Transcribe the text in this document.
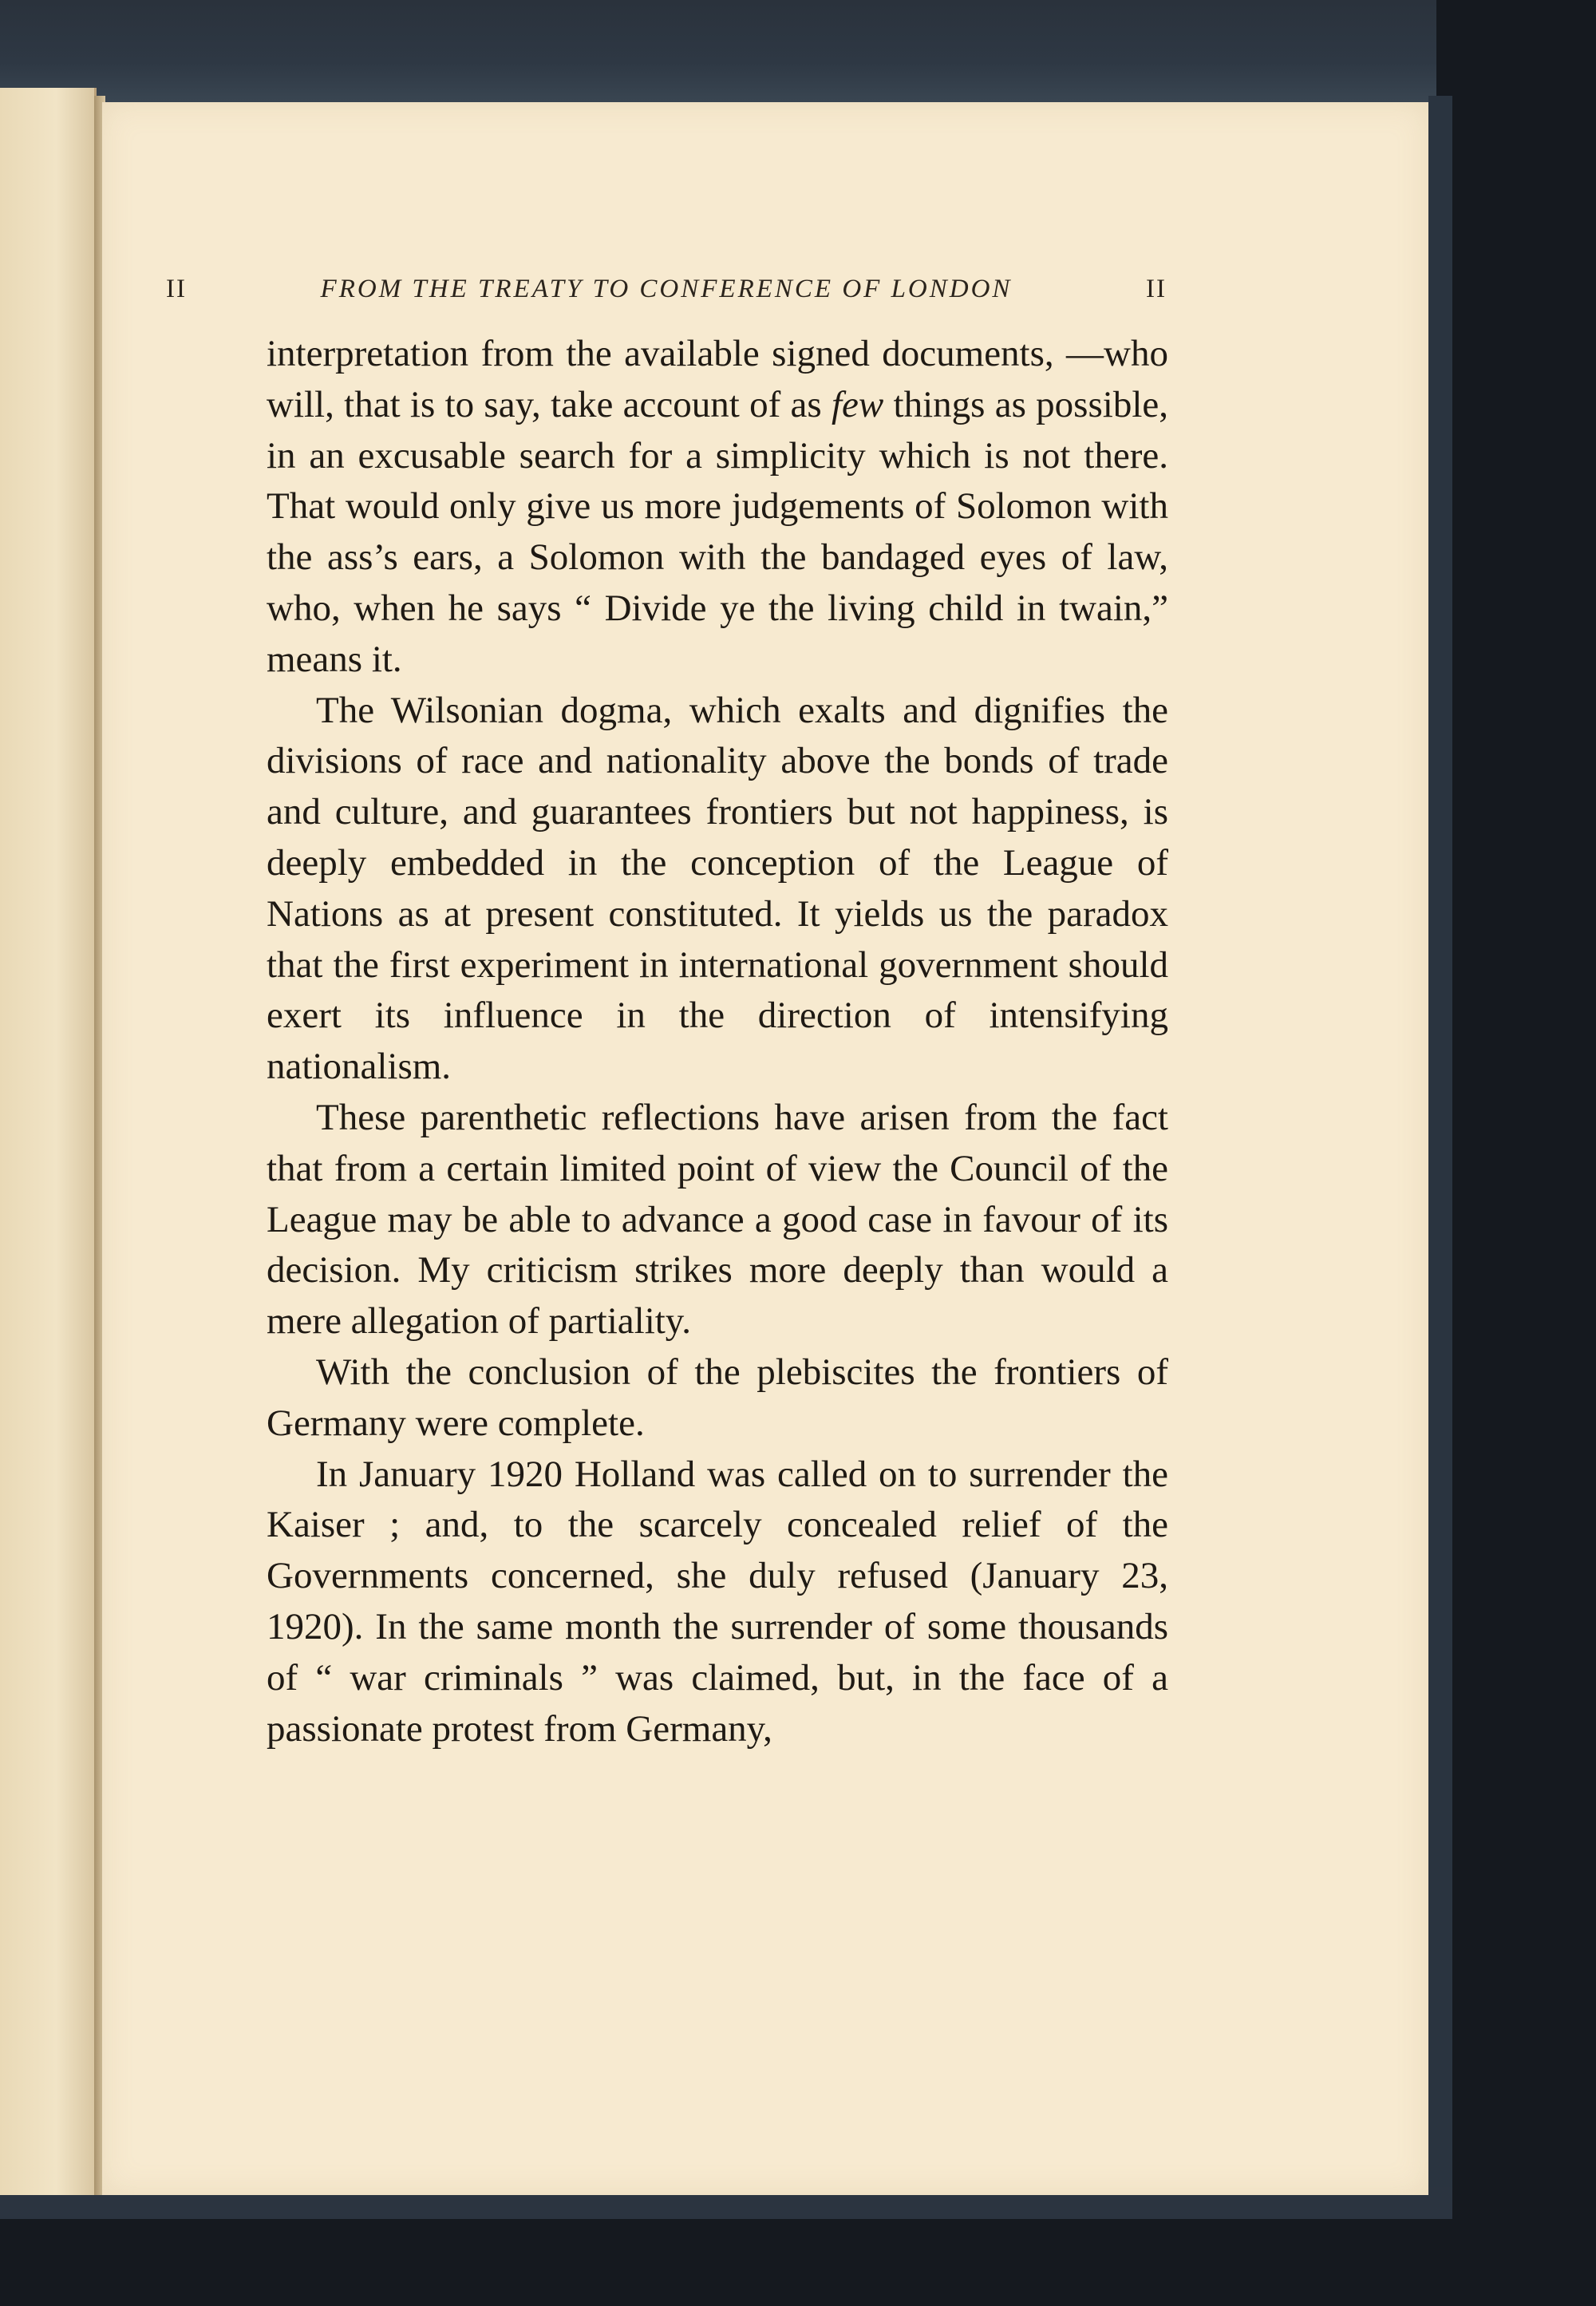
II	FROM THE TREATY TO CONFERENCE OF LONDON	II

interpretation from the available signed documents, —who will, that is to say, take account of as few things as possible, in an excusable search for a simplicity which is not there. That would only give us more judgements of Solomon with the ass’s ears, a Solomon with the bandaged eyes of law, who, when he says “ Divide ye the living child in twain,” means it.

The Wilsonian dogma, which exalts and dignifies the divisions of race and nationality above the bonds of trade and culture, and guarantees frontiers but not happiness, is deeply embedded in the conception of the League of Nations as at present constituted. It yields us the paradox that the first experiment in international government should exert its influence in the direction of intensifying nationalism.

These parenthetic reflections have arisen from the fact that from a certain limited point of view the Council of the League may be able to advance a good case in favour of its decision. My criticism strikes more deeply than would a mere allegation of partiality.

With the conclusion of the plebiscites the frontiers of Germany were complete.

In January 1920 Holland was called on to surrender the Kaiser ; and, to the scarcely concealed relief of the Governments concerned, she duly refused (January 23, 1920). In the same month the surrender of some thousands of “ war criminals ” was claimed, but, in the face of a passionate protest from Germany,
